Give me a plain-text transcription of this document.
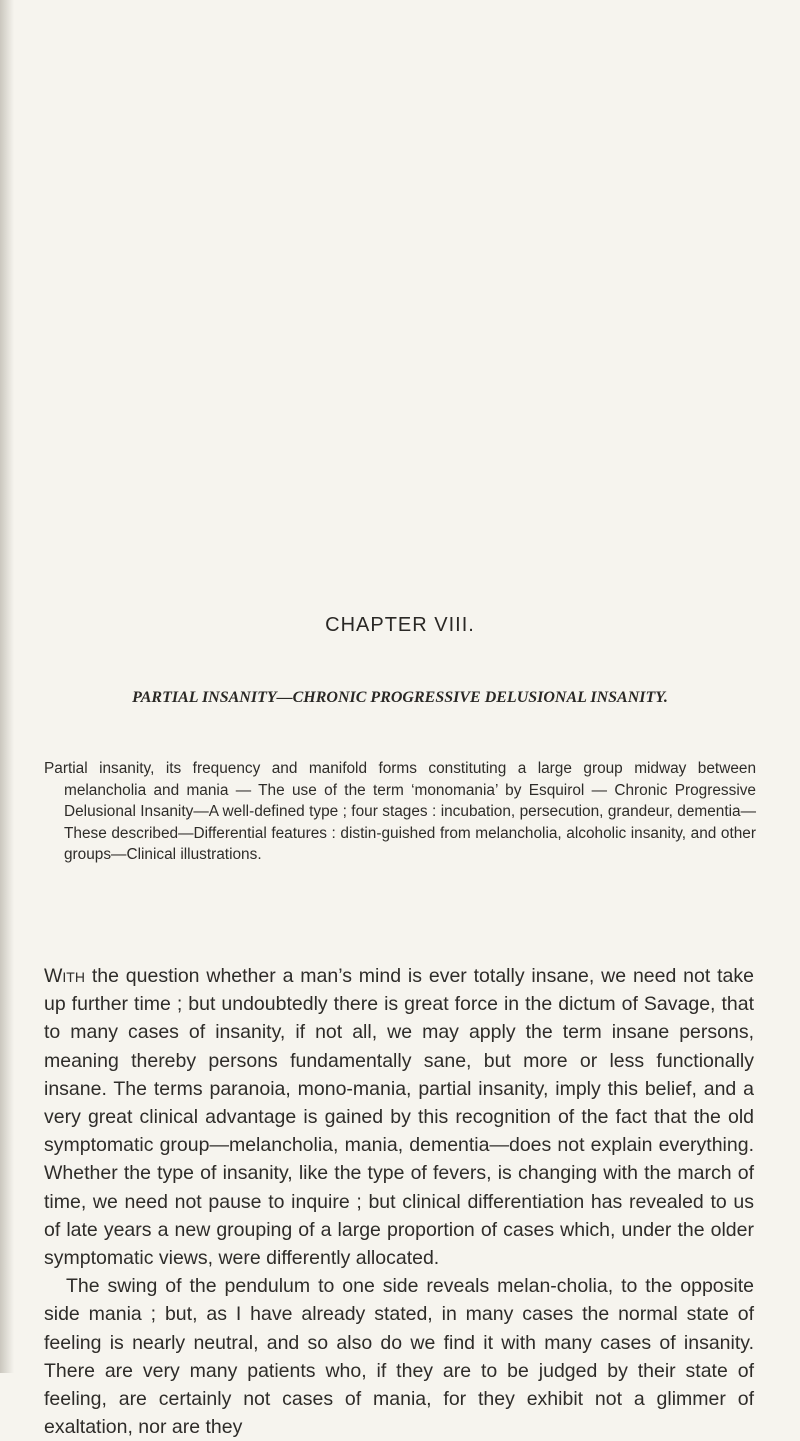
CHAPTER VIII.
PARTIAL INSANITY—CHRONIC PROGRESSIVE DELUSIONAL INSANITY.

Partial insanity, its frequency and manifold forms constituting a large group midway between melancholia and mania — The use of the term ‘monomania’ by Esquirol — Chronic Progressive Delusional Insanity—A well-defined type ; four stages : incubation, persecution, grandeur, dementia—These described—Differential features : distin-guished from melancholia, alcoholic insanity, and other groups—Clinical illustrations.

With the question whether a man’s mind is ever totally insane, we need not take up further time ; but undoubtedly there is great force in the dictum of Savage, that to many cases of insanity, if not all, we may apply the term insane persons, meaning thereby persons fundamentally sane, but more or less functionally insane. The terms paranoia, mono-mania, partial insanity, imply this belief, and a very great clinical advantage is gained by this recognition of the fact that the old symptomatic group—melancholia, mania, dementia—does not explain everything. Whether the type of insanity, like the type of fevers, is changing with the march of time, we need not pause to inquire ; but clinical differentiation has revealed to us of late years a new grouping of a large proportion of cases which, under the older symptomatic views, were differently allocated.

The swing of the pendulum to one side reveals melan-cholia, to the opposite side mania ; but, as I have already stated, in many cases the normal state of feeling is nearly neutral, and so also do we find it with many cases of insanity. There are very many patients who, if they are to be judged by their state of feeling, are certainly not cases of mania, for they exhibit not a glimmer of exaltation, nor are they
